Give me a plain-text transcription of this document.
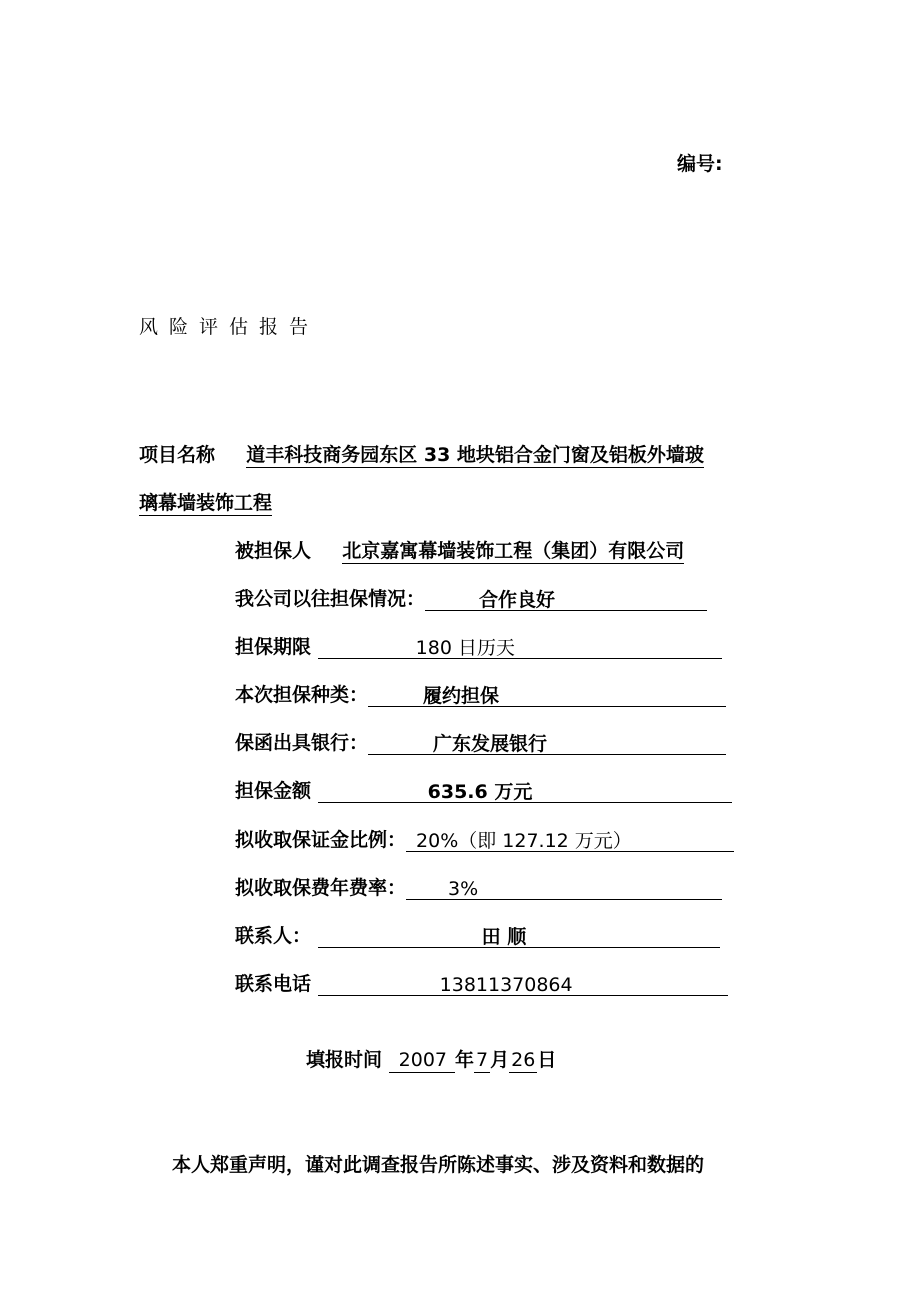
编号:
风险评估报告
项目名称 道丰科技商务园东区 33 地块铝合金门窗及铝板外墙玻
璃幕墙装饰工程
被担保人 北京嘉寓幕墙装饰工程（集团）有限公司
我公司以往担保情况：	合作良好
担保期限	180 日历天
本次担保种类：	履约担保
保函出具银行：	广东发展银行
担保金额	635.6 万元
拟收取保证金比例： 20%（即 127.12 万元）
拟收取保费年费率： 3%
联系人：	田 顺
联系电话	13811370864
填报时间 2007 年 7 月 26 日
本人郑重声明，谨对此调查报告所陈述事实、涉及资料和数据的
